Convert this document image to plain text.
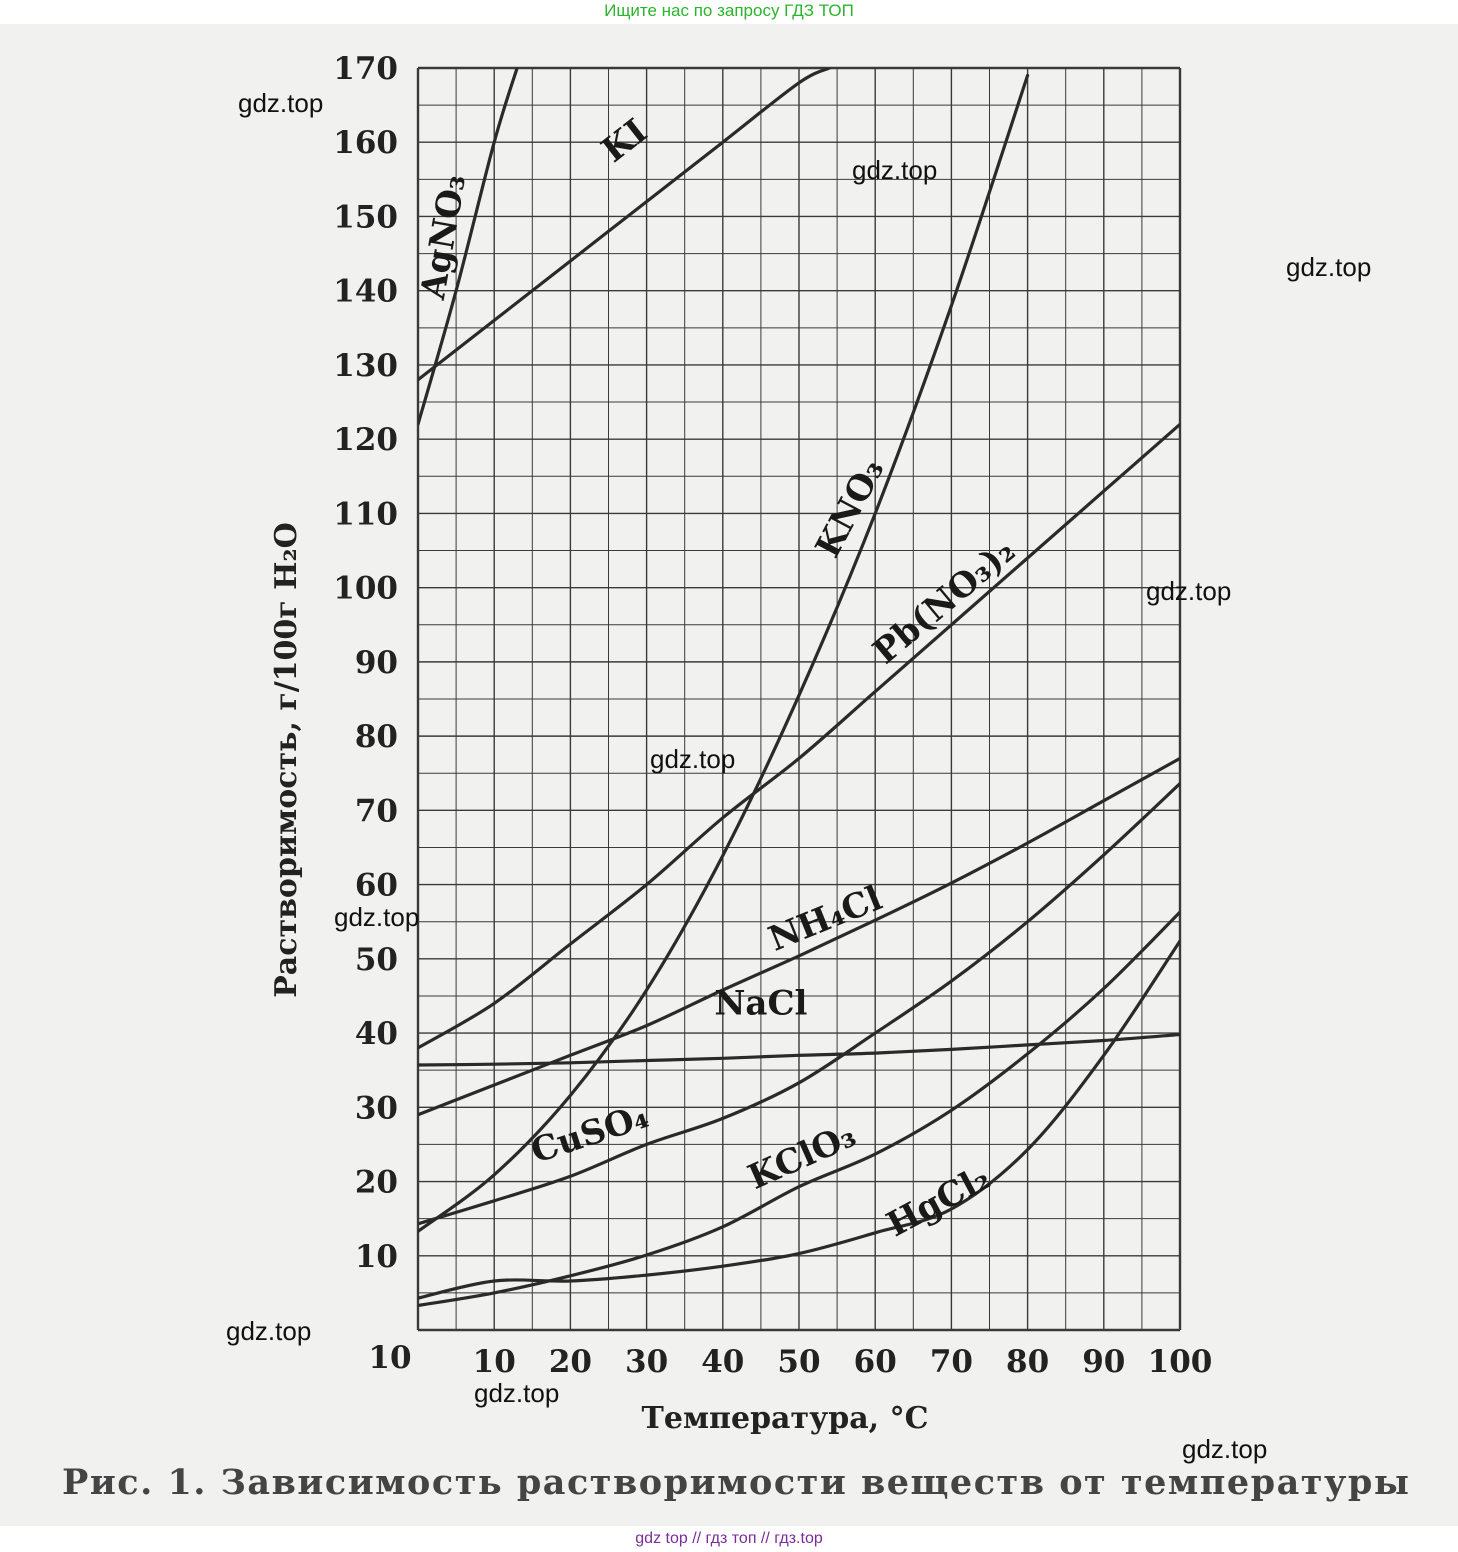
Ищите нас по запросу ГДЗ ТОП
170
160
150
140
130
120
110
100
90
80
70
60
50
40
30
20
10
10 10 20 30 40 50 60 70 80 90 100
AgNO₃
KI
KNO₃
Pb(NO₃)₂
NH₄Cl
NaCl
CuSO₄	KClO₃
HgCl₂
Растворимость, г/100г H₂O
Температура, °С
gdz.top
gdz.top
gdz.top
gdz.top
gdz.top
gdz.top
gdz.top
gdz.top
gdz.top
Рис. 1. Зависимость растворимости веществ от температуры
gdz top // гдз топ // гдз.top
